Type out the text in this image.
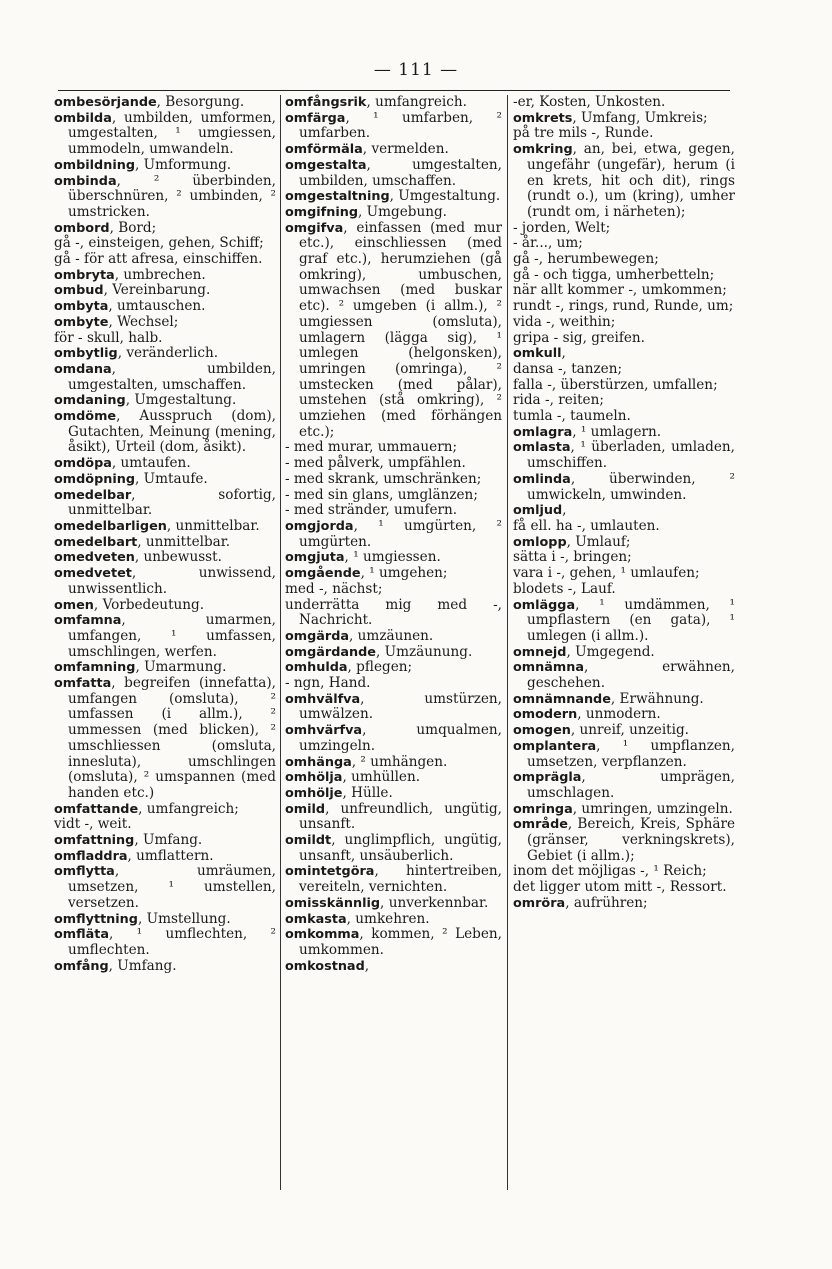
— 111 —

ombesörjande, Besorgung.

ombilda, umbilden, umformen, umgestalten, ¹ umgiessen, ummodeln, umwandeln.

ombildning, Umformung.

ombinda, ² überbinden, überschnüren, ² umbinden, ² umstricken.

ombord, Bord;

gå -, einsteigen, gehen, Schiff;

gå - för att afresa, einschiffen.

ombryta, umbrechen.

ombud, Vereinbarung.

ombyta, umtauschen.

ombyte, Wechsel;

för - skull, halb.

ombytlig, veränderlich.

omdana, umbilden, umgestalten, umschaffen.

omdaning, Umgestaltung.

omdöme, Ausspruch (dom), Gutachten, Meinung (mening, åsikt), Urteil (dom, åsikt).

omdöpa, umtaufen.

omdöpning, Umtaufe.

omedelbar, sofortig, unmittelbar.

omedelbarligen, unmittelbar.

omedelbart, unmittelbar.

omedveten, unbewusst.

omedvetet, unwissend, unwissentlich.

omen, Vorbedeutung.

omfamna, umarmen, umfangen, ¹ umfassen, umschlingen, werfen.

omfamning, Umarmung.

omfatta, begreifen (innefatta), umfangen (omsluta), ² umfassen (i allm.), ² ummessen (med blicken), ² umschliessen (omsluta, innesluta), umschlingen (omsluta), ² umspannen (med handen etc.)

omfattande, umfangreich;

vidt -, weit.

omfattning, Umfang.

omfladdra, umflattern.

omflytta, umräumen, umsetzen, ¹ umstellen, versetzen.

omflyttning, Umstellung.

omfläta, ¹ umflechten, ² umflechten.

omfång, Umfang.

omfångsrik, umfangreich.

omfärga, ¹ umfarben, ² umfarben.

omförmäla, vermelden.

omgestalta, umgestalten, umbilden, umschaffen.

omgestaltning, Umgestaltung.

omgifning, Umgebung.

omgifva, einfassen (med mur etc.), einschliessen (med graf etc.), herumziehen (gå omkring), umbuschen, umwachsen (med buskar etc). ² umgeben (i allm.), ² umgiessen (omsluta), umlagern (lägga sig), ¹ umlegen (helgonsken), umringen (omringa), ² umstecken (med pålar), umstehen (stå omkring), ² umziehen (med förhängen etc.);

- med murar, ummauern;

- med pålverk, umpfählen.

- med skrank, umschränken;

- med sin glans, umglänzen;

- med stränder, umufern.

omgjorda, ¹ umgürten, ² umgürten.

omgjuta, ¹ umgiessen.

omgående, ¹ umgehen;

med -, nächst;

underrätta mig med -, Nachricht.

omgärda, umzäunen.

omgärdande, Umzäunung.

omhulda, pflegen;

- ngn, Hand.

omhvälfva, umstürzen, umwälzen.

omhvärfva, umqualmen, umzingeln.

omhänga, ² umhängen.

omhölja, umhüllen.

omhölje, Hülle.

omild, unfreundlich, ungütig, unsanft.

omildt, unglimpflich, ungütig, unsanft, unsäuberlich.

omintetgöra, hintertreiben, vereiteln, vernichten.

omisskännlig, unverkennbar.

omkasta, umkehren.

omkomma, kommen, ² Leben, umkommen.

omkostnad,

-er, Kosten, Unkosten.

omkrets, Umfang, Umkreis;

på tre mils -, Runde.

omkring, an, bei, etwa, gegen, ungefähr (ungefär), herum (i en krets, hit och dit), rings (rundt o.), um (kring), umher (rundt om, i närheten);

- jorden, Welt;

- år..., um;

gå -, herumbewegen;

gå - och tigga, umherbetteln;

när allt kommer -, umkommen;

rundt -, rings, rund, Runde, um;

vida -, weithin;

gripa - sig, greifen.

omkull,

dansa -, tanzen;

falla -, überstürzen, umfallen;

rida -, reiten;

tumla -, taumeln.

omlagra, ¹ umlagern.

omlasta, ¹ überladen, umladen, umschiffen.

omlinda, überwinden, ² umwickeln, umwinden.

omljud,

få ell. ha -, umlauten.

omlopp, Umlauf;

sätta i -, bringen;

vara i -, gehen, ¹ umlaufen;

blodets -, Lauf.

omlägga, ¹ umdämmen, ¹ umpflastern (en gata), ¹ umlegen (i allm.).

omnejd, Umgegend.

omnämna, erwähnen, geschehen.

omnämnande, Erwähnung.

omodern, unmodern.

omogen, unreif, unzeitig.

omplantera, ¹ umpflanzen, umsetzen, verpflanzen.

omprägla, umprägen, umschlagen.

omringa, umringen, umzingeln.

område, Bereich, Kreis, Sphäre (gränser, verkningskrets), Gebiet (i allm.);

inom det möjligas -, ¹ Reich;

det ligger utom mitt -, Ressort.

omröra, aufrühren;
